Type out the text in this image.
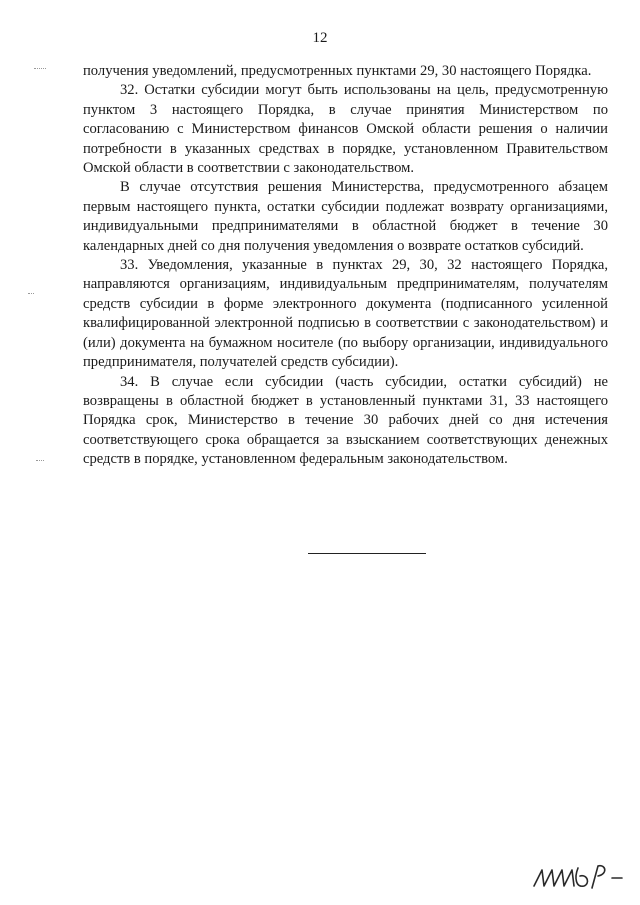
12

получения уведомлений, предусмотренных пунктами 29, 30 настоящего Порядка.

32. Остатки субсидии могут быть использованы на цель, предусмотренную пунктом 3 настоящего Порядка, в случае принятия Министерством по согласованию с Министерством финансов Омской области решения о наличии потребности в указанных средствах в порядке, установленном Правительством Омской области в соответствии с законодательством.

В случае отсутствия решения Министерства, предусмотренного абзацем первым настоящего пункта, остатки субсидии подлежат возврату организациями, индивидуальными предпринимателями в областной бюджет в течение 30 календарных дней со дня получения уведомления о возврате остатков субсидий.

33. Уведомления, указанные в пунктах 29, 30, 32 настоящего Порядка, направляются организациям, индивидуальным предпринимателям, получателям средств субсидии в форме электронного документа (подписанного усиленной квалифицированной электронной подписью в соответствии с законодательством) и (или) документа на бумажном носителе (по выбору организации, индивидуального предпринимателя, получателей средств субсидии).

34. В случае если субсидии (часть субсидии, остатки субсидий) не возвращены в областной бюджет в установленный пунктами 31, 33 настоящего Порядка срок, Министерство в течение 30 рабочих дней со дня истечения соответствующего срока обращается за взысканием соответствующих денежных средств в порядке, установленном федеральным законодательством.
